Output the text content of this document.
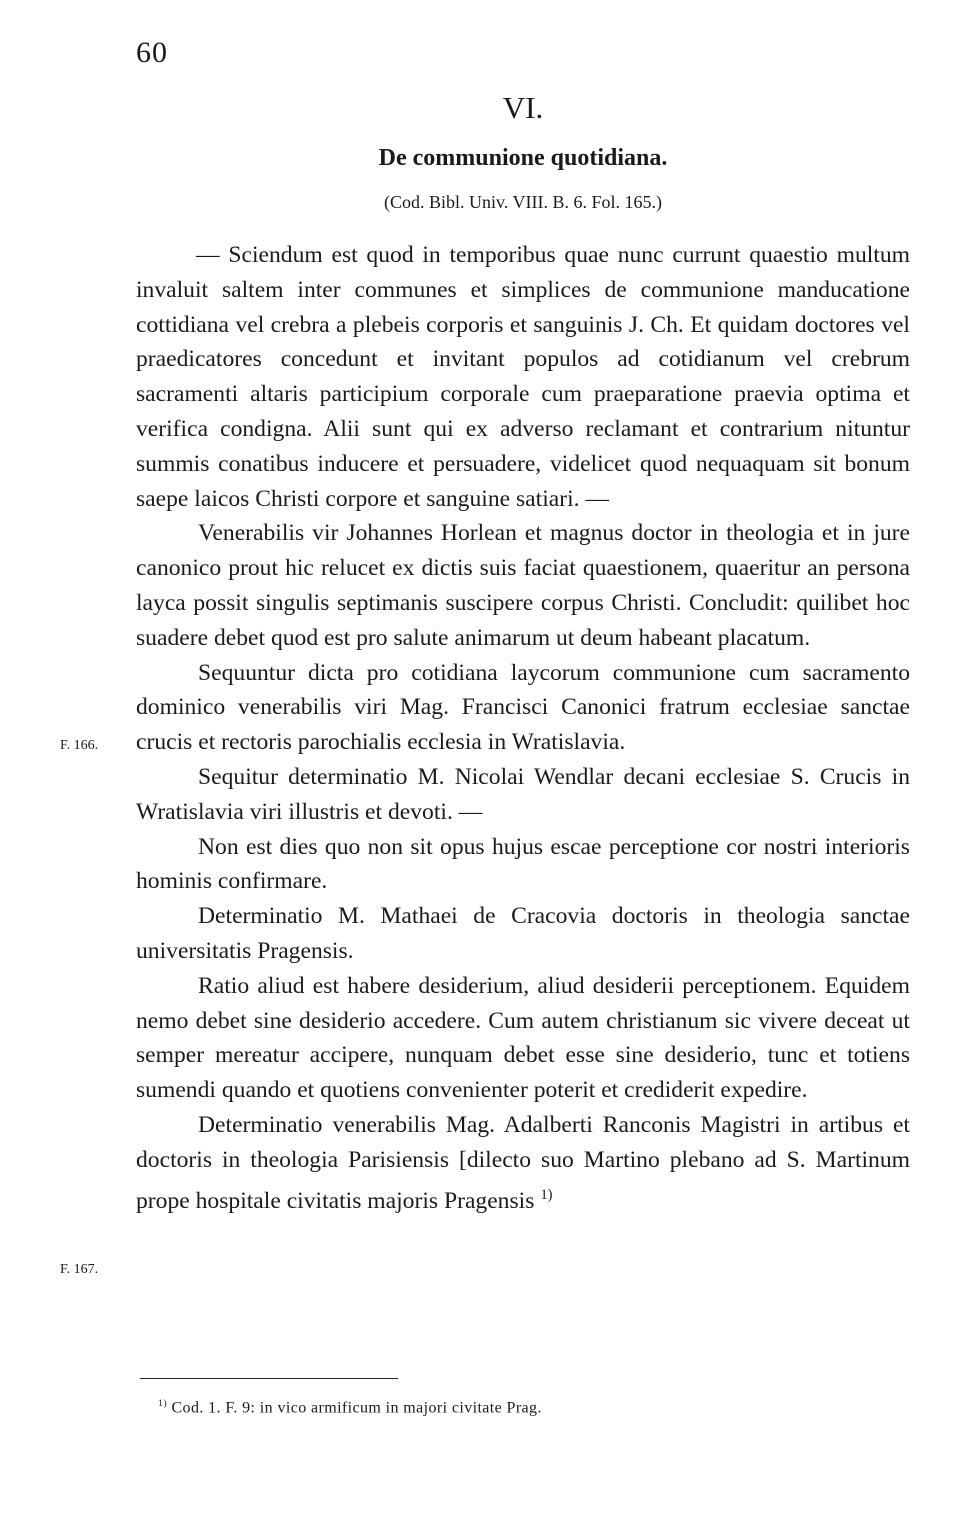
60
VI.
De communione quotidiana.
(Cod. Bibl. Univ. VIII. B. 6. Fol. 165.)
F. 166.
F. 167.

— Sciendum est quod in temporibus quae nunc currunt quaestio multum invaluit saltem inter communes et simplices de communione manducatione cottidiana vel crebra a plebeis corporis et sanguinis J. Ch. Et quidam doctores vel praedicatores concedunt et invitant populos ad cotidianum vel crebrum sacramenti altaris participium corporale cum praeparatione praevia optima et verifica condigna. Alii sunt qui ex adverso reclamant et contrarium nituntur summis conatibus inducere et persuadere, videlicet quod nequaquam sit bonum saepe laicos Christi corpore et sanguine satiari. —

Venerabilis vir Johannes Horlean et magnus doctor in theologia et in jure canonico prout hic relucet ex dictis suis faciat quaestionem, quaeritur an persona layca possit singulis septimanis suscipere corpus Christi. Concludit: quilibet hoc suadere debet quod est pro salute animarum ut deum habeant placatum.

Sequuntur dicta pro cotidiana laycorum communione cum sacramento dominico venerabilis viri Mag. Francisci Canonici fratrum ecclesiae sanctae crucis et rectoris parochialis ecclesia in Wratislavia.

Sequitur determinatio M. Nicolai Wendlar decani ecclesiae S. Crucis in Wratislavia viri illustris et devoti. —

Non est dies quo non sit opus hujus escae perceptione cor nostri interioris hominis confirmare.

Determinatio M. Mathaei de Cracovia doctoris in theologia sanctae universitatis Pragensis.

Ratio aliud est habere desiderium, aliud desiderii perceptionem. Equidem nemo debet sine desiderio accedere. Cum autem christianum sic vivere deceat ut semper mereatur accipere, nunquam debet esse sine desiderio, tunc et totiens sumendi quando et quotiens convenienter poterit et crediderit expedire.

Determinatio venerabilis Mag. Adalberti Ranconis Magistri in artibus et doctoris in theologia Parisiensis [dilecto suo Martino plebano ad S. Martinum prope hospitale civitatis majoris Pragensis $^{1)}$

$^{1)}$ Cod. 1. F. 9: in vico armificum in majori civitate Prag.
